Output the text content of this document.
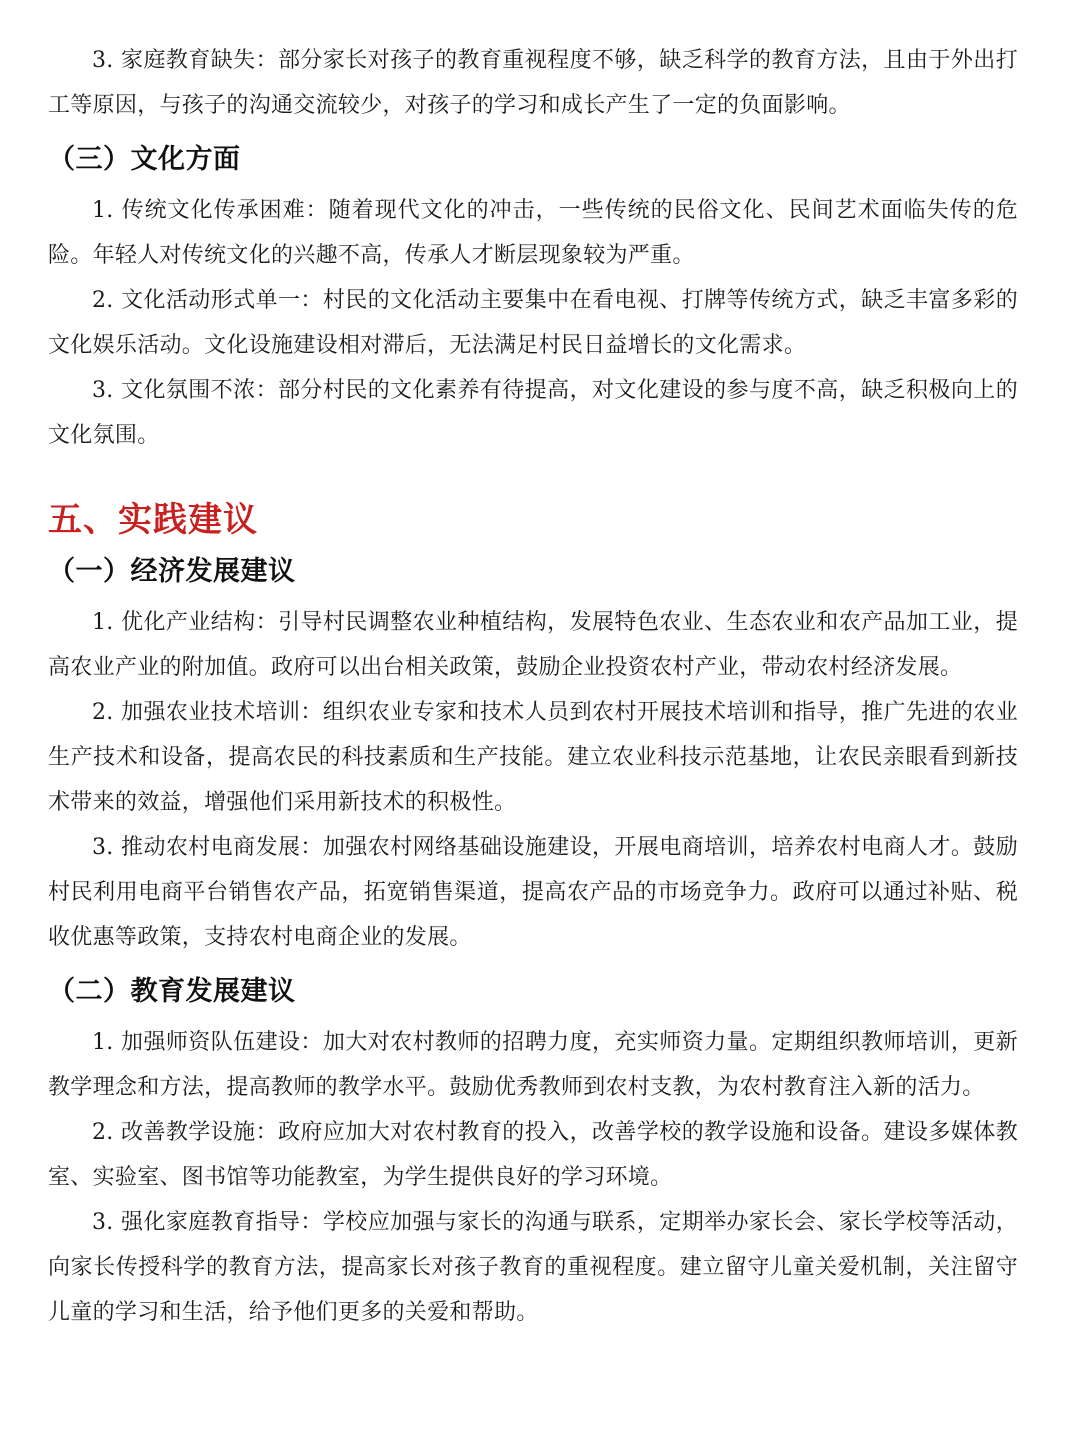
3. 家庭教育缺失：部分家长对孩子的教育重视程度不够，缺乏科学的教育方法，且由于外出打工等原因，与孩子的沟通交流较少，对孩子的学习和成长产生了一定的负面影响。

（三）文化方面

1. 传统文化传承困难：随着现代文化的冲击，一些传统的民俗文化、民间艺术面临失传的危险。年轻人对传统文化的兴趣不高，传承人才断层现象较为严重。

2. 文化活动形式单一：村民的文化活动主要集中在看电视、打牌等传统方式，缺乏丰富多彩的文化娱乐活动。文化设施建设相对滞后，无法满足村民日益增长的文化需求。

3. 文化氛围不浓：部分村民的文化素养有待提高，对文化建设的参与度不高，缺乏积极向上的文化氛围。

五、实践建议
（一）经济发展建议

1. 优化产业结构：引导村民调整农业种植结构，发展特色农业、生态农业和农产品加工业，提高农业产业的附加值。政府可以出台相关政策，鼓励企业投资农村产业，带动农村经济发展。

2. 加强农业技术培训：组织农业专家和技术人员到农村开展技术培训和指导，推广先进的农业生产技术和设备，提高农民的科技素质和生产技能。建立农业科技示范基地，让农民亲眼看到新技术带来的效益，增强他们采用新技术的积极性。

3. 推动农村电商发展：加强农村网络基础设施建设，开展电商培训，培养农村电商人才。鼓励村民利用电商平台销售农产品，拓宽销售渠道，提高农产品的市场竞争力。政府可以通过补贴、税收优惠等政策，支持农村电商企业的发展。

（二）教育发展建议

1. 加强师资队伍建设：加大对农村教师的招聘力度，充实师资力量。定期组织教师培训，更新教学理念和方法，提高教师的教学水平。鼓励优秀教师到农村支教，为农村教育注入新的活力。

2. 改善教学设施：政府应加大对农村教育的投入，改善学校的教学设施和设备。建设多媒体教室、实验室、图书馆等功能教室，为学生提供良好的学习环境。

3. 强化家庭教育指导：学校应加强与家长的沟通与联系，定期举办家长会、家长学校等活动，向家长传授科学的教育方法，提高家长对孩子教育的重视程度。建立留守儿童关爱机制，关注留守儿童的学习和生活，给予他们更多的关爱和帮助。
